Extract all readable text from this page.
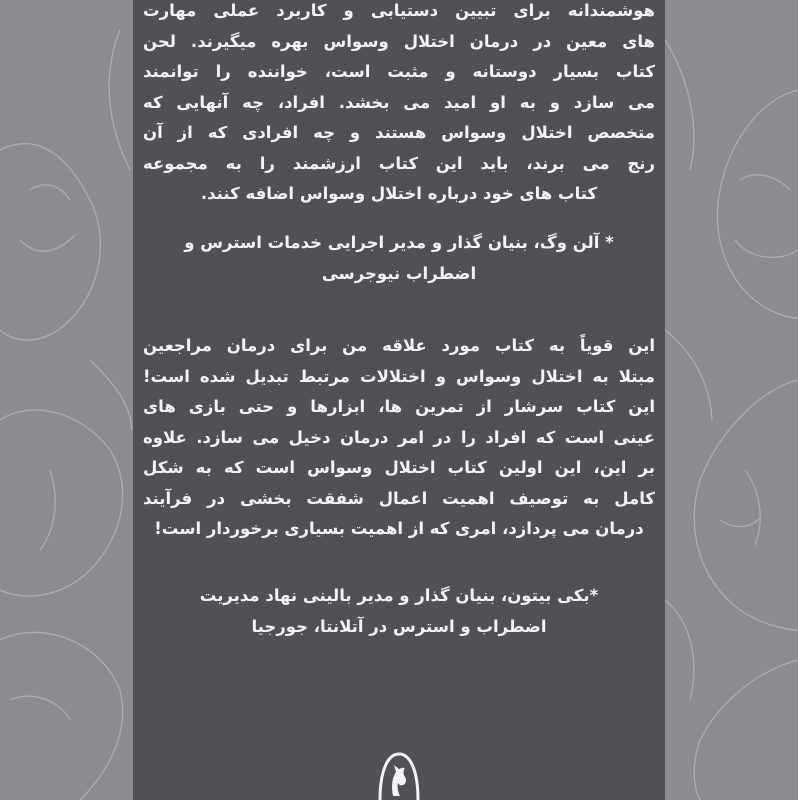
هوشمندانه برای تبیین دستیابی و کاربرد عملی مهارت
های معین در درمان اختلال وسواس بهره میگیرند. لحن
کتاب بسیار دوستانه و مثبت است، خواننده را توانمند
می سازد و به او امید می بخشد. افراد، چه آنهایی که
متخصص اختلال وسواس هستند و چه افرادی که از آن
رنج می برند، باید این کتاب ارزشمند را به مجموعه
کتاب های خود درباره اختلال وسواس اضافه کنند.
* آلن وگ، بنیان گذار و مدیر اجرایی خدمات استرس و
اضطراب نیوجرسی
این قویاً به کتاب مورد علاقه من برای درمان مراجعین
مبتلا به اختلال وسواس و اختلالات مرتبط تبدیل شده است!
این کتاب سرشار از تمرین ها، ابزارها و حتی بازی های
عینی است که افراد را در امر درمان دخیل می سازد. علاوه
بر این، این اولین کتاب اختلال وسواس است که به شکل
کامل به توصیف اهمیت اعمال شفقت بخشی در فرآیند
درمان می پردازد، امری که از اهمیت بسیاری برخوردار است!
*بکی بیتون، بنیان گذار و مدیر بالینی نهاد مدیریت
اضطراب و استرس در آتلانتا، جورجیا
